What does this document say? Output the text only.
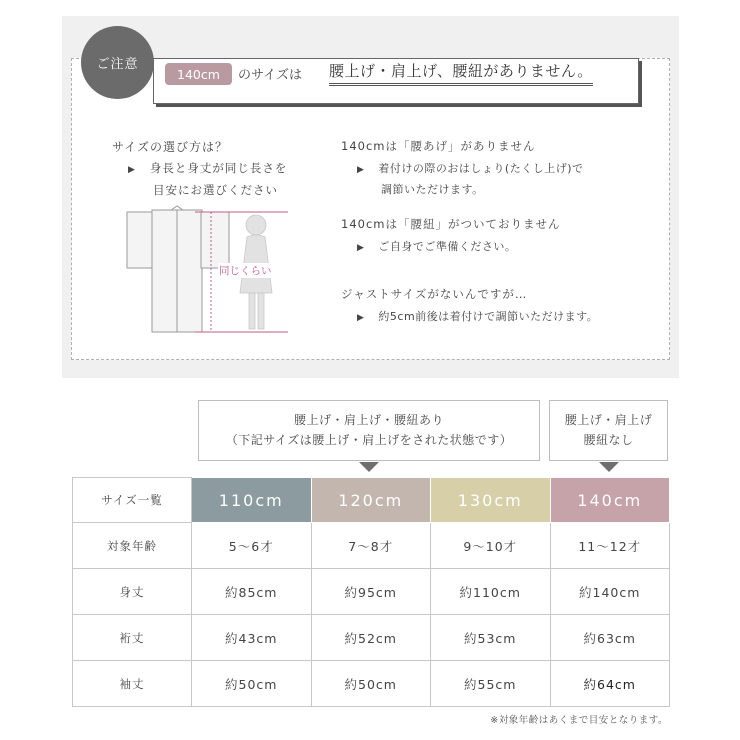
ご注意
140cm	のサイズは 腰上げ・肩上げ、腰紐がありません。
サイズの選び方は？
▶ 身長と身丈が同じ長さを
目安にお選びください
同じくらい
140cmは「腰あげ」がありません
▶ 着付けの際のおはしょり(たくし上げ)で
調節いただけます。
140cmは「腰紐」がついておりません
▶ ご自身でご準備ください。
ジャストサイズがないんですが…
▶ 約5cm前後は着付けで調節いただけます。
腰上げ・肩上げ・腰紐あり
（下記サイズは腰上げ・肩上げをされた状態です）
腰上げ・肩上げ
腰紐なし
サイズ一覧	110cm	120cm	130cm	140cm
対象年齢	5～6才	7～8才	9～10才	11～12才
身丈	約85cm	約95cm	約110cm	約140cm
裄丈	約43cm	約52cm	約53cm	約63cm
袖丈	約50cm	約50cm	約55cm	約64cm
※対象年齢はあくまで目安となります。
